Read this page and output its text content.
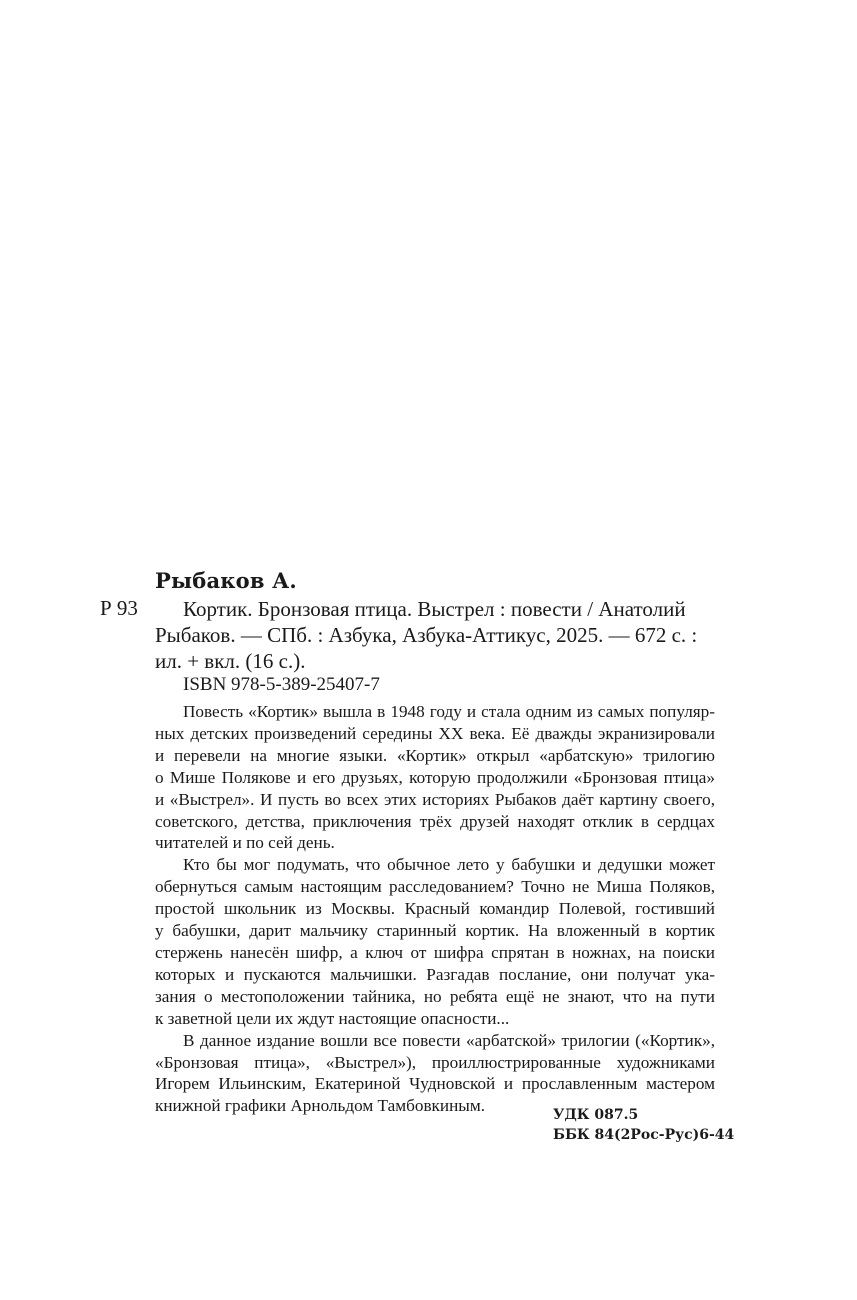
Рыбаков А.
Р 93	Кортик. Бронзовая птица. Выстрел : повести / Анатолий
Рыбаков. — СПб. : Азбука, Азбука-Аттикус, 2025. — 672 с. :
ил. + вкл. (16 с.).
ISBN 978-5-389-25407-7

Повесть «Кортик» вышла в 1948 году и стала одним из самых популяр-
ных детских произведений середины XX века. Её дважды экранизировали
и перевели на многие языки. «Кортик» открыл «арбатскую» трилогию
о Мише Полякове и его друзьях, которую продолжили «Бронзовая птица»
и «Выстрел». И пусть во всех этих историях Рыбаков даёт картину своего,
советского, детства, приключения трёх друзей находят отклик в сердцах
читателей и по сей день.

Кто бы мог подумать, что обычное лето у бабушки и дедушки может
обернуться самым настоящим расследованием? Точно не Миша Поляков,
простой школьник из Москвы. Красный командир Полевой, гостивший
у бабушки, дарит мальчику старинный кортик. На вложенный в кортик
стержень нанесён шифр, а ключ от шифра спрятан в ножнах, на поиски
которых и пускаются мальчишки. Разгадав послание, они получат ука-
зания о местоположении тайника, но ребята ещё не знают, что на пути
к заветной цели их ждут настоящие опасности...

В данное издание вошли все повести «арбатской» трилогии («Кортик»,
«Бронзовая птица», «Выстрел»), проиллюстрированные художниками
Игорем Ильинским, Екатериной Чудновской и прославленным мастером
книжной графики Арнольдом Тамбовкиным.	УДК 087.5
ББК 84(2Рос-Рус)6-44
